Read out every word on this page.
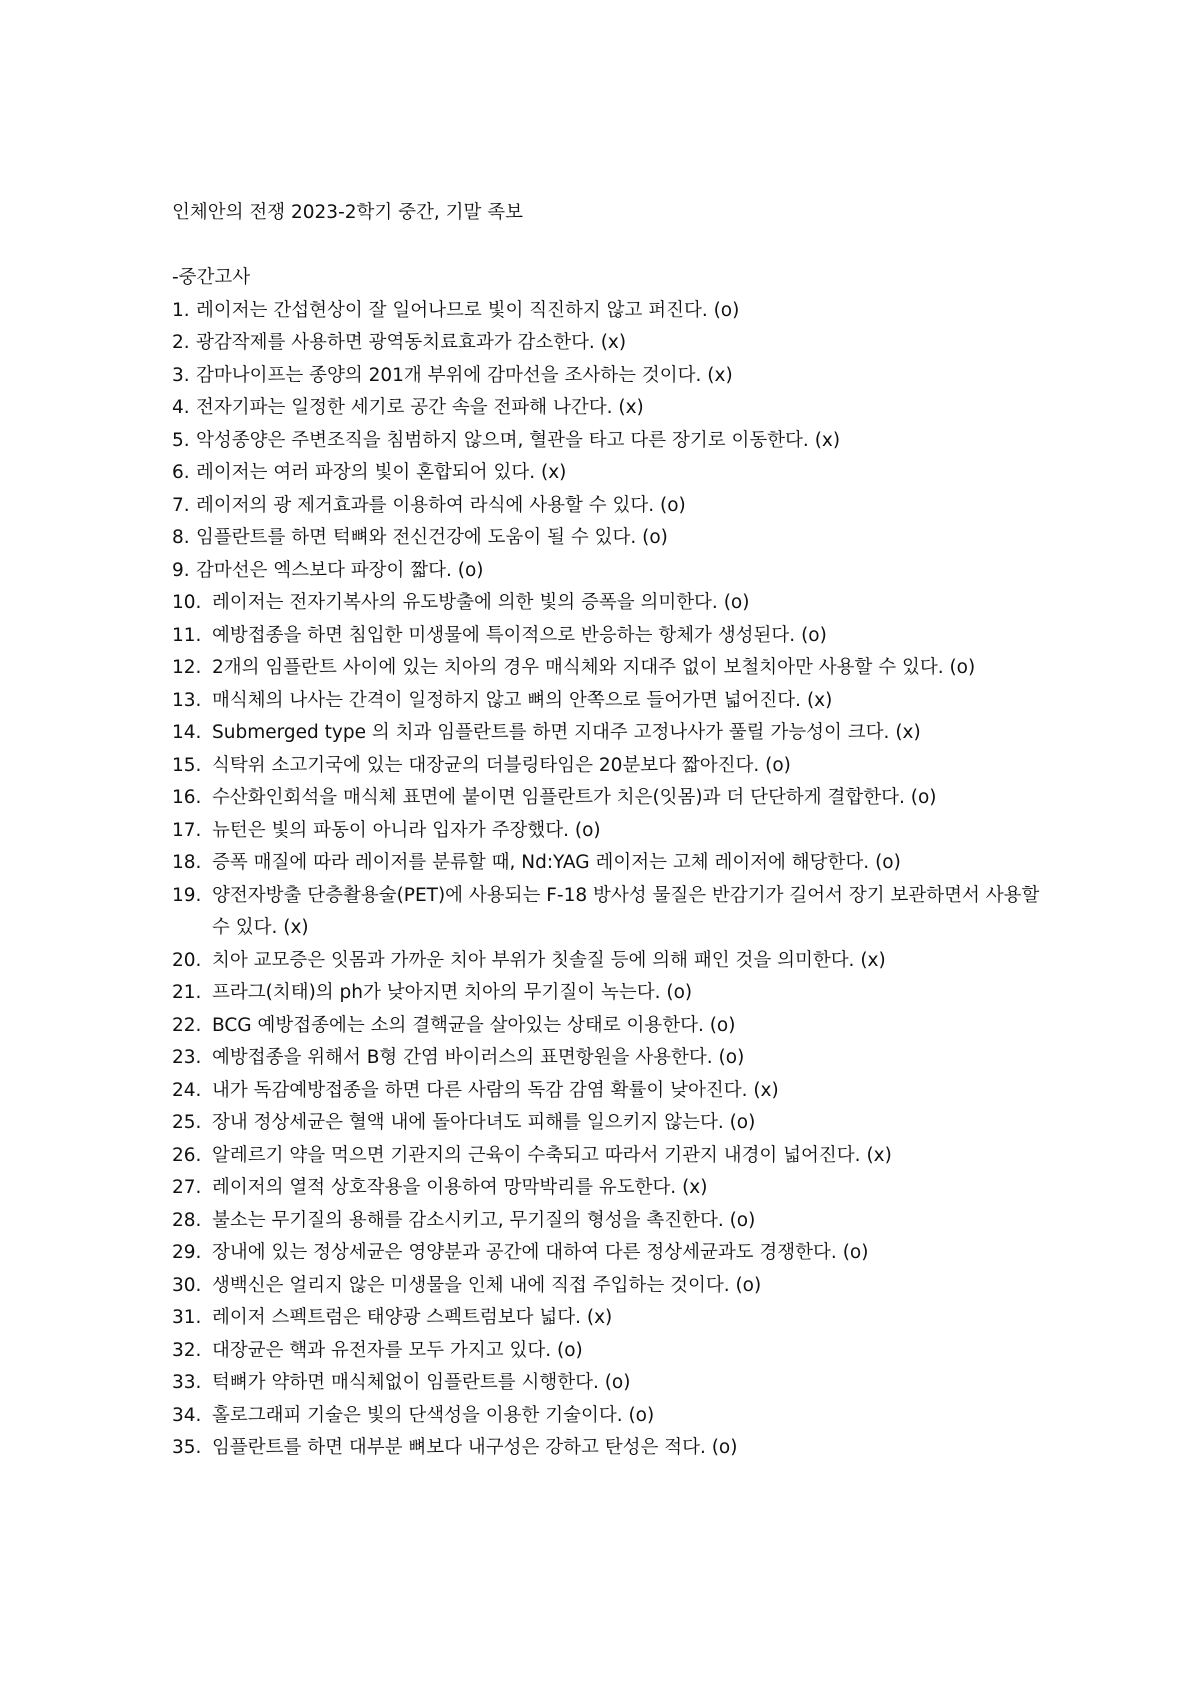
인체안의 전쟁 2023-2학기 중간, 기말 족보

-중간고사

1. 레이저는 간섭현상이 잘 일어나므로 빛이 직진하지 않고 퍼진다. (o)
2. 광감작제를 사용하면 광역동치료효과가 감소한다. (x)
3. 감마나이프는 종양의 201개 부위에 감마선을 조사하는 것이다. (x)
4. 전자기파는 일정한 세기로 공간 속을 전파해 나간다. (x)
5. 악성종양은 주변조직을 침범하지 않으며, 혈관을 타고 다른 장기로 이동한다. (x)
6. 레이저는 여러 파장의 빛이 혼합되어 있다. (x)
7. 레이저의 광 제거효과를 이용하여 라식에 사용할 수 있다. (o)
8. 임플란트를 하면 턱뼈와 전신건강에 도움이 될 수 있다. (o)
9. 감마선은 엑스보다 파장이 짧다. (o)
10. 레이저는 전자기복사의 유도방출에 의한 빛의 증폭을 의미한다. (o)
11. 예방접종을 하면 침입한 미생물에 특이적으로 반응하는 항체가 생성된다. (o)
12. 2개의 임플란트 사이에 있는 치아의 경우 매식체와 지대주 없이 보철치아만 사용할 수 있다. (o)
13. 매식체의 나사는 간격이 일정하지 않고 뼈의 안쪽으로 들어가면 넓어진다. (x)
14. Submerged type 의 치과 임플란트를 하면 지대주 고정나사가 풀릴 가능성이 크다. (x)
15. 식탁위 소고기국에 있는 대장균의 더블링타임은 20분보다 짧아진다. (o)
16. 수산화인회석을 매식체 표면에 붙이면 임플란트가 치은(잇몸)과 더 단단하게 결합한다. (o)
17. 뉴턴은 빛의 파동이 아니라 입자가 주장했다. (o)
18. 증폭 매질에 따라 레이저를 분류할 때, Nd:YAG 레이저는 고체 레이저에 해당한다. (o)
19. 양전자방출 단층촬용술(PET)에 사용되는 F-18 방사성 물질은 반감기가 길어서 장기 보관하면서 사용할 수 있다. (x)
20. 치아 교모증은 잇몸과 가까운 치아 부위가 칫솔질 등에 의해 패인 것을 의미한다. (x)
21. 프라그(치태)의 ph가 낮아지면 치아의 무기질이 녹는다. (o)
22. BCG 예방접종에는 소의 결핵균을 살아있는 상태로 이용한다. (o)
23. 예방접종을 위해서 B형 간염 바이러스의 표면항원을 사용한다. (o)
24. 내가 독감예방접종을 하면 다른 사람의 독감 감염 확률이 낮아진다. (x)
25. 장내 정상세균은 혈액 내에 돌아다녀도 피해를 일으키지 않는다. (o)
26. 알레르기 약을 먹으면 기관지의 근육이 수축되고 따라서 기관지 내경이 넓어진다. (x)
27. 레이저의 열적 상호작용을 이용하여 망막박리를 유도한다. (x)
28. 불소는 무기질의 용해를 감소시키고, 무기질의 형성을 촉진한다. (o)
29. 장내에 있는 정상세균은 영양분과 공간에 대하여 다른 정상세균과도 경쟁한다. (o)
30. 생백신은 얼리지 않은 미생물을 인체 내에 직접 주입하는 것이다. (o)
31. 레이저 스펙트럼은 태양광 스펙트럼보다 넓다. (x)
32. 대장균은 핵과 유전자를 모두 가지고 있다. (o)
33. 턱뼈가 약하면 매식체없이 임플란트를 시행한다. (o)
34. 홀로그래피 기술은 빛의 단색성을 이용한 기술이다. (o)
35. 임플란트를 하면 대부분 뼈보다 내구성은 강하고 탄성은 적다. (o)
